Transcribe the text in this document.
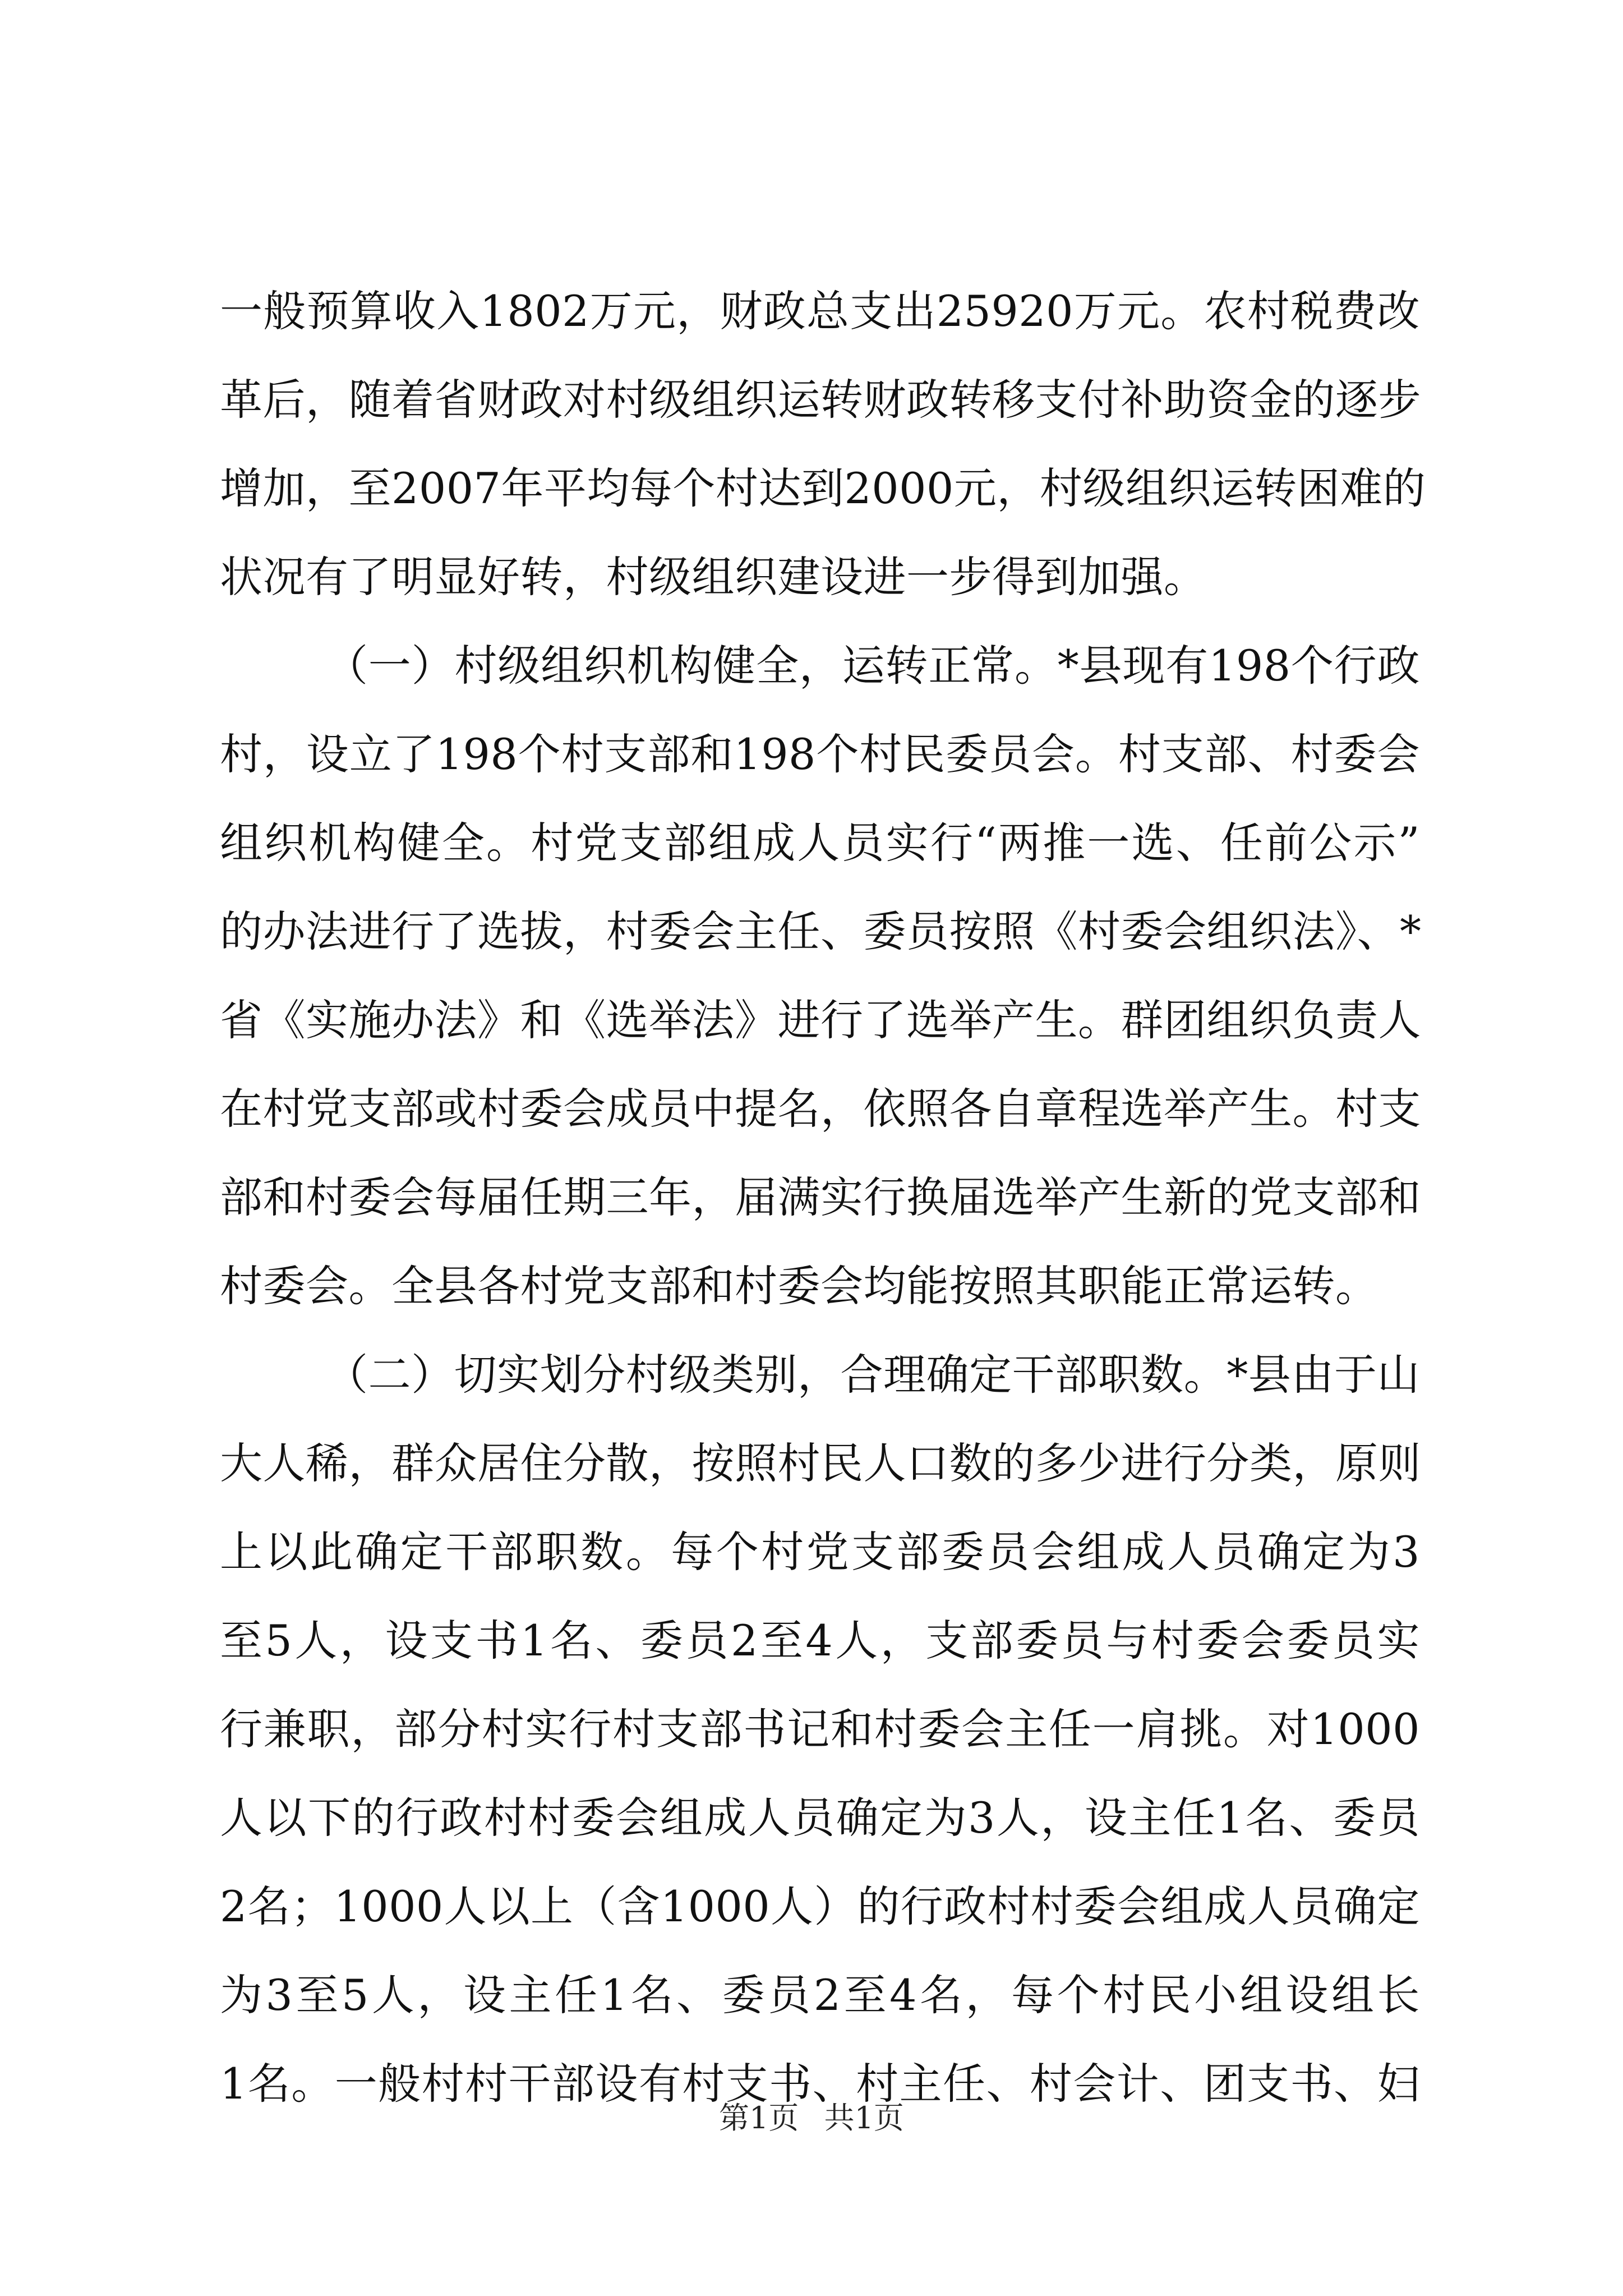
一般预算收入1802万元，财政总支出25920万元。农村税费改
革后，随着省财政对村级组织运转财政转移支付补助资金的逐步
增加，至2007年平均每个村达到2000元，村级组织运转困难的
状况有了明显好转，村级组织建设进一步得到加强。

（一）村级组织机构健全，运转正常。*县现有198个行政
村，设立了198个村支部和198个村民委员会。村支部、村委会
组织机构健全。村党支部组成人员实行“两推一选、任前公示”
的办法进行了选拔，村委会主任、委员按照《村委会组织法》、*
省《实施办法》和《选举法》进行了选举产生。群团组织负责人
在村党支部或村委会成员中提名，依照各自章程选举产生。村支
部和村委会每届任期三年，届满实行换届选举产生新的党支部和
村委会。全县各村党支部和村委会均能按照其职能正常运转。

（二）切实划分村级类别，合理确定干部职数。*县由于山
大人稀，群众居住分散，按照村民人口数的多少进行分类，原则
上以此确定干部职数。每个村党支部委员会组成人员确定为3
至5人，设支书1名、委员2至4人，支部委员与村委会委员实
行兼职，部分村实行村支部书记和村委会主任一肩挑。对1000
人以下的行政村村委会组成人员确定为3人，设主任1名、委员
2名；1000人以上（含1000人）的行政村村委会组成人员确定
为3至5人，设主任1名、委员2至4名，每个村民小组设组长
1名。一般村村干部设有村支书、村主任、村会计、团支书、妇

第1页 共1页
